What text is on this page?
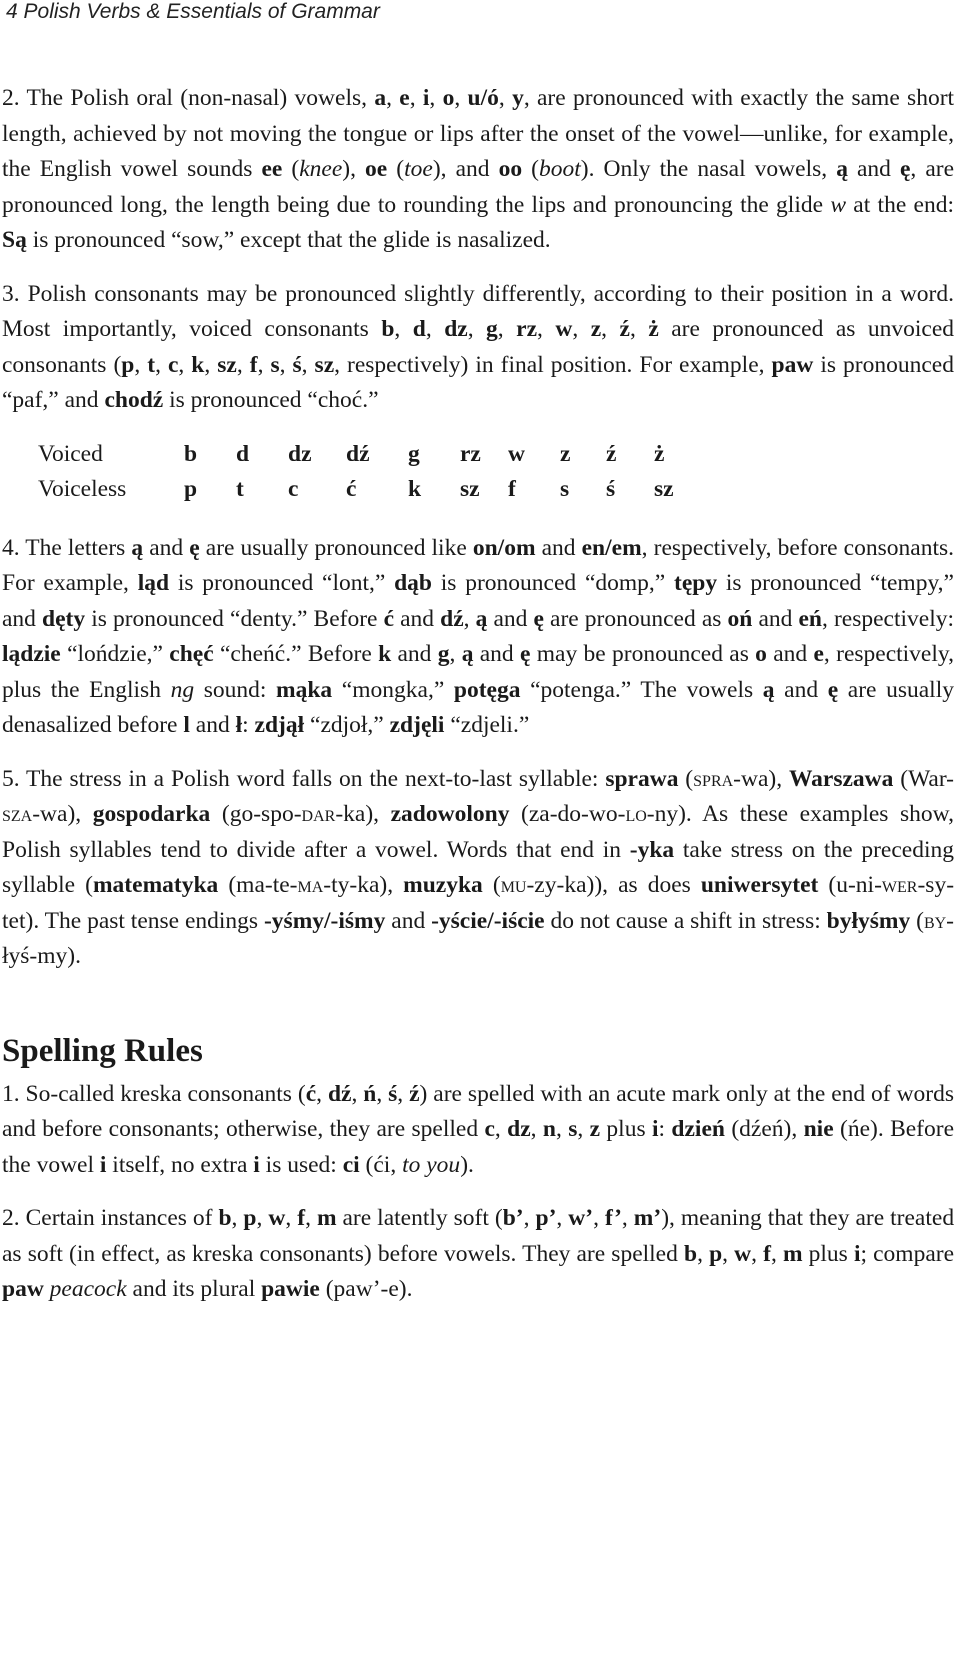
4 Polish Verbs & Essentials of Grammar

2. The Polish oral (non-nasal) vowels, a, e, i, o, u/ó, y, are pronounced with exactly the same short length, achieved by not moving the tongue or lips after the onset of the vowel—unlike, for example, the English vowel sounds ee (knee), oe (toe), and oo (boot). Only the nasal vowels, ą and ę, are pronounced long, the length being due to rounding the lips and pronouncing the glide w at the end: Są is pronounced “sow,” except that the glide is nasalized.

3. Polish consonants may be pronounced slightly differently, according to their position in a word. Most importantly, voiced consonants b, d, dz, g, rz, w, z, ź, ż are pronounced as unvoiced consonants (p, t, c, k, sz, f, s, ś, sz, respectively) in final position. For example, paw is pronounced “paf,” and chodź is pronounced “choć.”

Voiced	b	d	dz	dź	g	rz	w	z	ź	ż
Voiceless	p	t	c	ć	k	sz	f	s	ś	sz

4. The letters ą and ę are usually pronounced like on/om and en/em, respectively, before consonants. For example, ląd is pronounced “lont,” dąb is pronounced “domp,” tępy is pronounced “tempy,” and dęty is pronounced “denty.” Before ć and dź, ą and ę are pronounced as oń and eń, respectively: lądzie “lońdzie,” chęć “cheńć.” Before k and g, ą and ę may be pronounced as o and e, respectively, plus the English ng sound: mąka “mongka,” potęga “potenga.” The vowels ą and ę are usually denasalized before l and ł: zdjął “zdjoł,” zdjęli “zdjeli.”

5. The stress in a Polish word falls on the next-to-last syllable: sprawa (spra-wa), Warszawa (War-sza-wa), gospodarka (go-spo-dar-ka), zadowolony (za-do-wo-lo-ny). As these examples show, Polish syllables tend to divide after a vowel. Words that end in -yka take stress on the preceding syllable (matematyka (ma-te-ma-ty-ka), muzyka (mu-zy-ka)), as does uniwersytet (u-ni-wer-sy-tet). The past tense endings -yśmy/-iśmy and -yście/-iście do not cause a shift in stress: byłyśmy (by-łyś-my).

Spelling Rules

1. So-called kreska consonants (ć, dź, ń, ś, ź) are spelled with an acute mark only at the end of words and before consonants; otherwise, they are spelled c, dz, n, s, z plus i: dzień (dźeń), nie (ńe). Before the vowel i itself, no extra i is used: ci (ći, to you).

2. Certain instances of b, p, w, f, m are latently soft (b’, p’, w’, f’, m’), meaning that they are treated as soft (in effect, as kreska consonants) before vowels. They are spelled b, p, w, f, m plus i; compare paw peacock and its plural pawie (paw’-e).
